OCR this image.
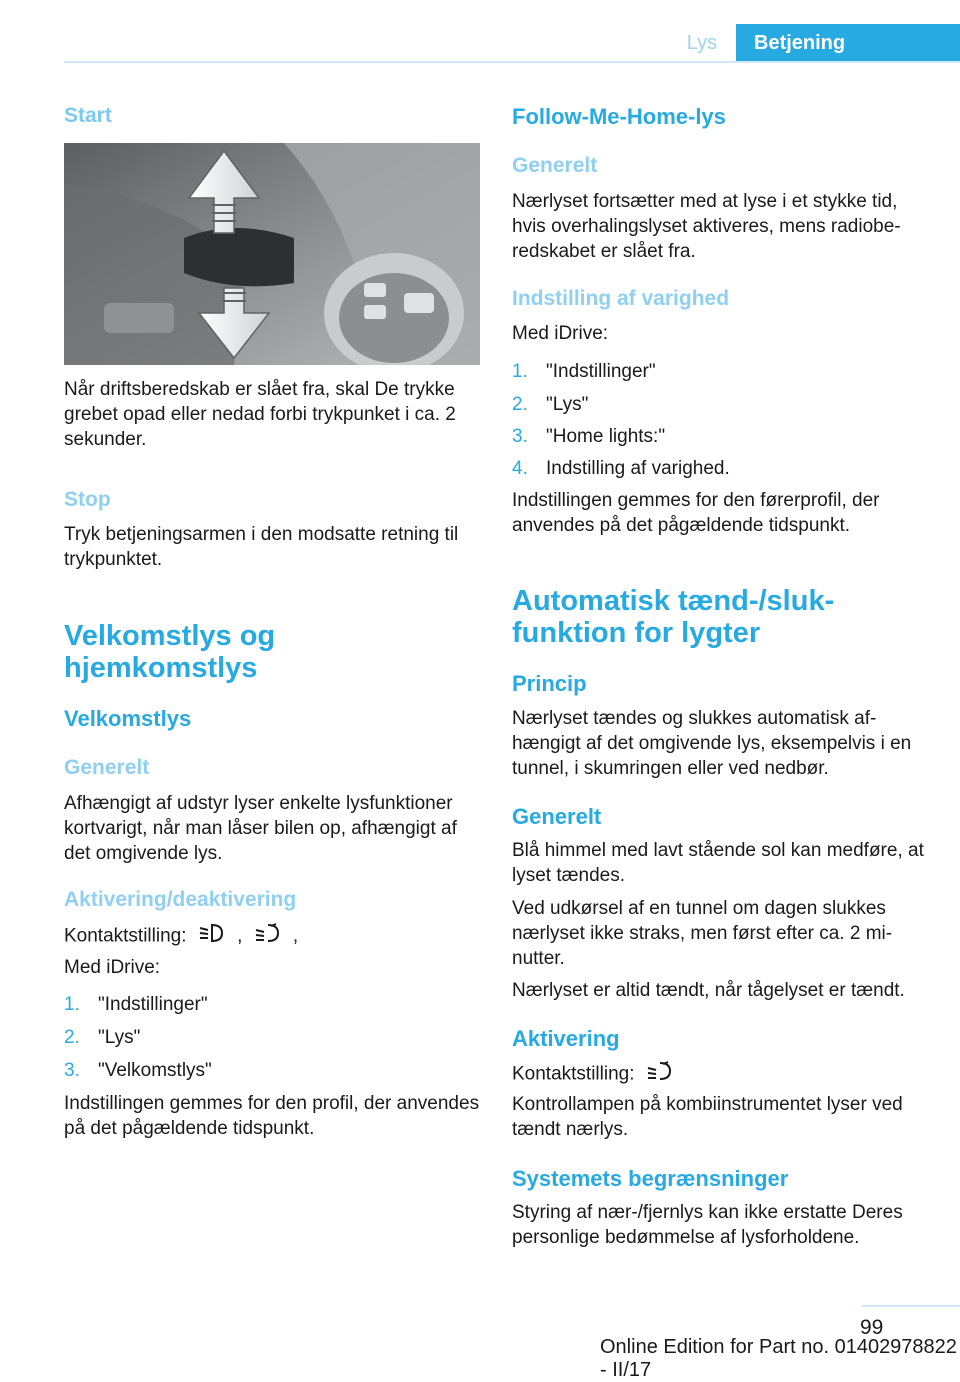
Lys	Betjening
Start

Når driftsberedskab er slået fra, skal De trykke grebet opad eller nedad forbi trykpunket i ca. 2 sekunder.

Stop

Tryk betjeningsarmen i den modsatte retning til trykpunktet.

Velkomstlys og
hjemkomstlys
Velkomstlys
Generelt

Afhængigt af udstyr lyser enkelte lysfunktioner kortvarigt, når man låser bilen op, afhængigt af det omgivende lys.

Aktivering/deaktivering
Kontaktstilling:	,	,

Med iDrive:

1. "Indstillinger"
2. "Lys"
3. "Velkomstlys"

Indstillingen gemmes for den profil, der anvendes på det pågældende tidspunkt.

Follow-Me-Home-lys
Generelt

Nærlyset fortsætter med at lyse i et stykke tid, hvis overhalingslyset aktiveres, mens radioberedskabet er slået fra.

Indstilling af varighed

Med iDrive:

1. "Indstillinger"
2. "Lys"
3. "Home lights:"
4. Indstilling af varighed.

Indstillingen gemmes for den førerprofil, der anvendes på det pågældende tidspunkt.

Automatisk tænd-/sluk-
funktion for lygter
Princip

Nærlyset tændes og slukkes automatisk afhængigt af det omgivende lys, eksempelvis i en tunnel, i skumringen eller ved nedbør.

Generelt

Blå himmel med lavt stående sol kan medføre, at lyset tændes.

Ved udkørsel af en tunnel om dagen slukkes nærlyset ikke straks, men først efter ca. 2 minutter.

Nærlyset er altid tændt, når tågelyset er tændt.

Aktivering
Kontaktstilling:

Kontrollampen på kombiinstrumentet lyser ved tændt nærlys.

Systemets begrænsninger

Styring af nær-/fjernlys kan ikke erstatte Deres personlige bedømmelse af lysforholdene.

99
Online Edition for Part no. 01402978822 - II/17
